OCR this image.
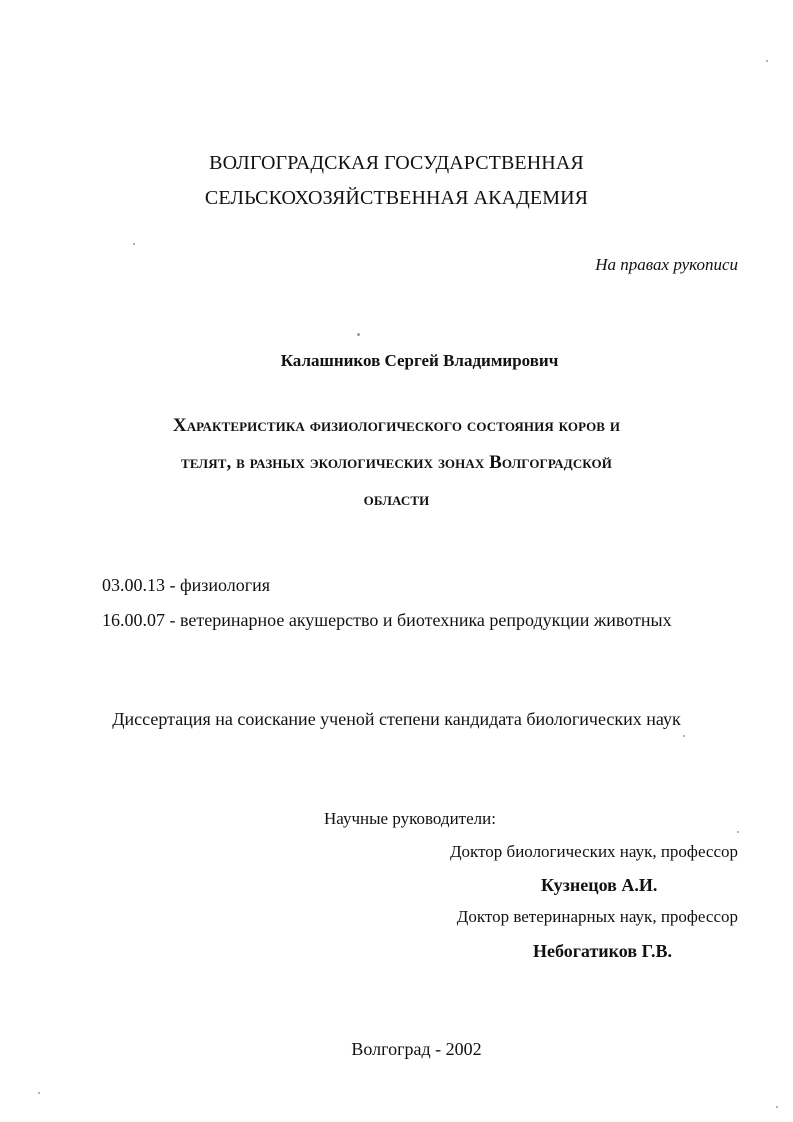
ВОЛГОГРАДСКАЯ ГОСУДАРСТВЕННАЯ
СЕЛЬСКОХОЗЯЙСТВЕННАЯ АКАДЕМИЯ
На правах рукописи
Калашников Сергей Владимирович
Характеристика физиологического состояния коров и
телят, в разных экологических зонах Волгоградской
области
03.00.13 - физиология
16.00.07 - ветеринарное акушерство и биотехника репродукции животных
Диссертация на соискание ученой степени кандидата биологических наук
Научные руководители:
Доктор биологических наук, профессор
Кузнецов А.И.
Доктор ветеринарных наук, профессор
Небогатиков Г.В.
Волгоград - 2002
